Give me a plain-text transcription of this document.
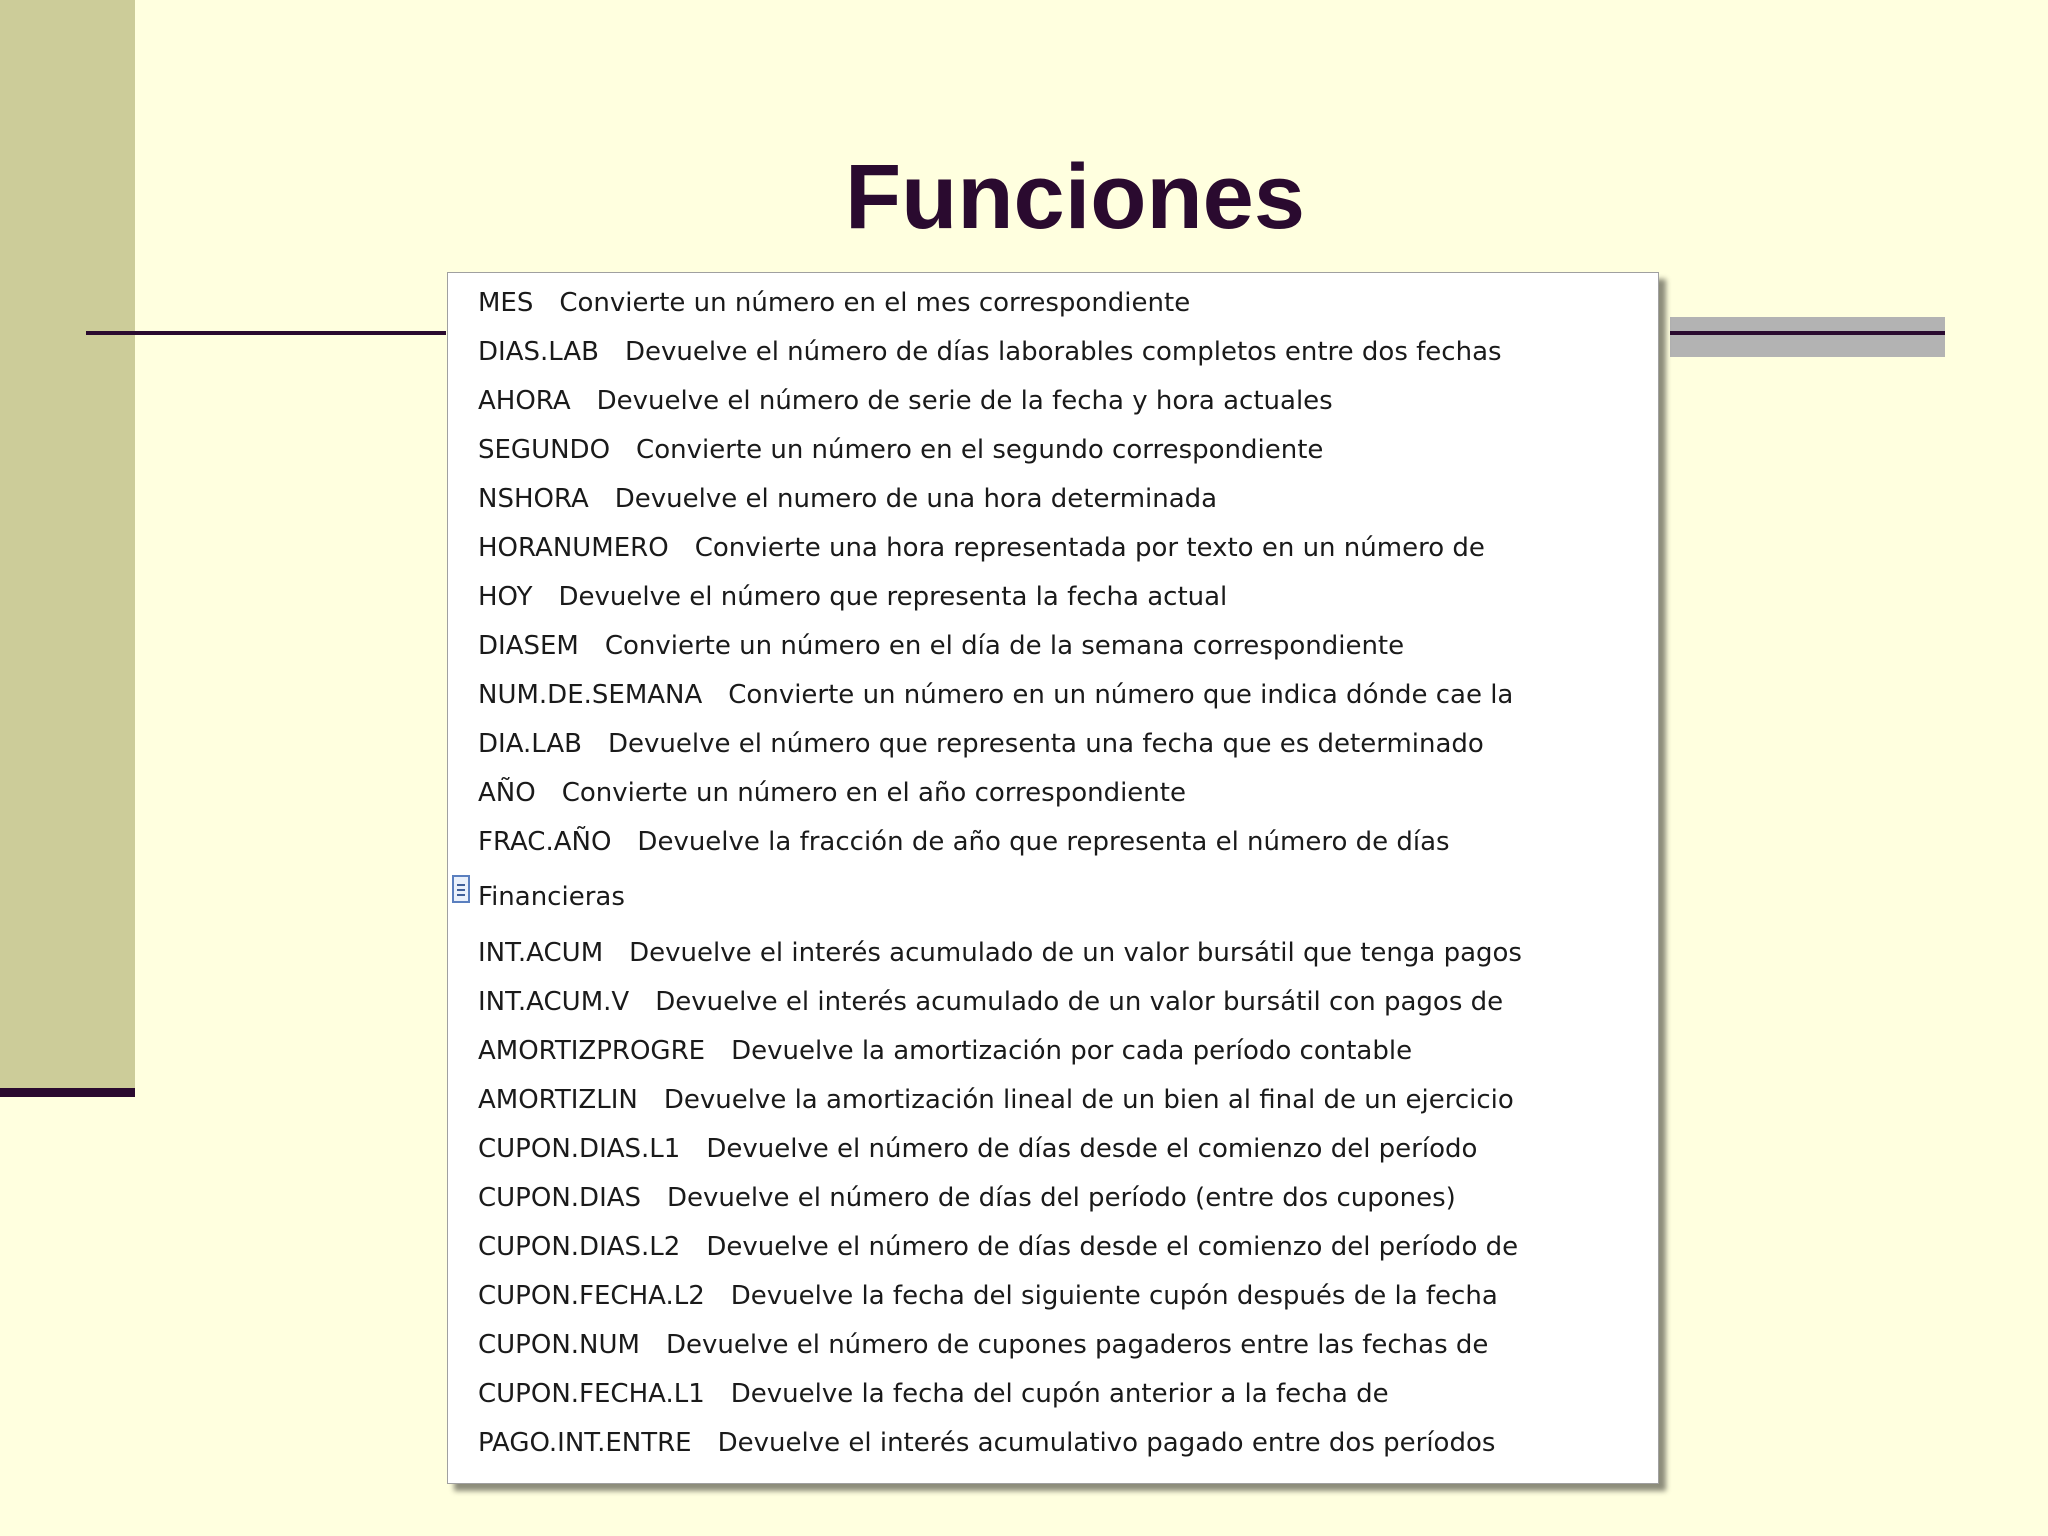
Funciones
MES Convierte un número en el mes correspondiente
DIAS.LAB Devuelve el número de días laborables completos entre dos fechas
AHORA Devuelve el número de serie de la fecha y hora actuales
SEGUNDO Convierte un número en el segundo correspondiente
NSHORA Devuelve el numero de una hora determinada
HORANUMERO Convierte una hora representada por texto en un número de
HOY Devuelve el número que representa la fecha actual
DIASEM Convierte un número en el día de la semana correspondiente
NUM.DE.SEMANA Convierte un número en un número que indica dónde cae la
DIA.LAB Devuelve el número que representa una fecha que es determinado
AÑO Convierte un número en el año correspondiente
FRAC.AÑO Devuelve la fracción de año que representa el número de días
Financieras
INT.ACUM Devuelve el interés acumulado de un valor bursátil que tenga pagos
INT.ACUM.V Devuelve el interés acumulado de un valor bursátil con pagos de
AMORTIZPROGRE Devuelve la amortización por cada período contable
AMORTIZLIN Devuelve la amortización lineal de un bien al final de un ejercicio
CUPON.DIAS.L1 Devuelve el número de días desde el comienzo del período
CUPON.DIAS Devuelve el número de días del período (entre dos cupones)
CUPON.DIAS.L2 Devuelve el número de días desde el comienzo del período de
CUPON.FECHA.L2 Devuelve la fecha del siguiente cupón después de la fecha
CUPON.NUM Devuelve el número de cupones pagaderos entre las fechas de
CUPON.FECHA.L1 Devuelve la fecha del cupón anterior a la fecha de
PAGO.INT.ENTRE Devuelve el interés acumulativo pagado entre dos períodos
